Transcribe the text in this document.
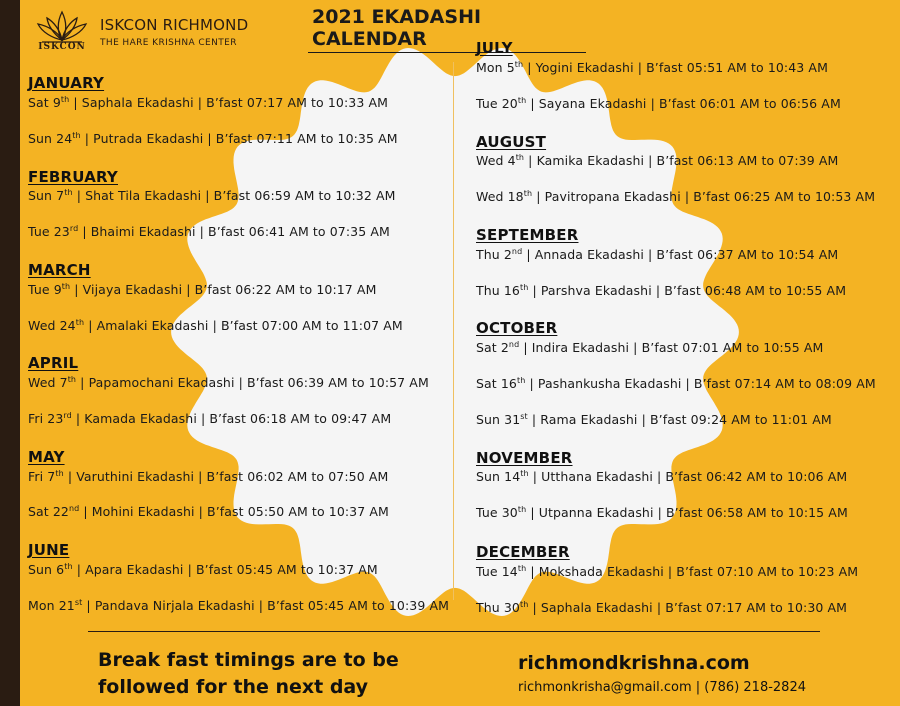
ISKCON
ISKCON RICHMOND
THE HARE KRISHNA CENTER
2021 EKADASHI CALENDAR
JANUARY
Sat 9th | Saphala Ekadashi | B’fast 07:17 AM to 10:33 AM
Sun 24th | Putrada Ekadashi | B’fast 07:11 AM to 10:35 AM
FEBRUARY
Sun 7th | Shat Tila Ekadashi | B’fast 06:59 AM to 10:32 AM
Tue 23rd | Bhaimi Ekadashi | B’fast 06:41 AM to 07:35 AM
MARCH
Tue 9th | Vijaya Ekadashi | B’fast 06:22 AM to 10:17 AM
Wed 24th | Amalaki Ekadashi | B’fast 07:00 AM to 11:07 AM
APRIL
Wed 7th | Papamochani Ekadashi | B’fast 06:39 AM to 10:57 AM
Fri 23rd | Kamada Ekadashi | B’fast 06:18 AM to 09:47 AM
MAY
Fri 7th | Varuthini Ekadashi | B’fast 06:02 AM to 07:50 AM
Sat 22nd | Mohini Ekadashi | B’fast 05:50 AM to 10:37 AM
JUNE
Sun 6th | Apara Ekadashi | B’fast 05:45 AM to 10:37 AM
Mon 21st | Pandava Nirjala Ekadashi | B’fast 05:45 AM to 10:39 AM
JULY
Mon 5th | Yogini Ekadashi | B’fast 05:51 AM to 10:43 AM
Tue 20th | Sayana Ekadashi | B’fast 06:01 AM to 06:56 AM
AUGUST
Wed 4th | Kamika Ekadashi | B’fast 06:13 AM to 07:39 AM
Wed 18th | Pavitropana Ekadashi | B’fast 06:25 AM to 10:53 AM
SEPTEMBER
Thu 2nd | Annada Ekadashi | B’fast 06:37 AM to 10:54 AM
Thu 16th | Parshva Ekadashi | B’fast 06:48 AM to 10:55 AM
OCTOBER
Sat 2nd | Indira Ekadashi | B’fast 07:01 AM to 10:55 AM
Sat 16th | Pashankusha Ekadashi | B’fast 07:14 AM to 08:09 AM
Sun 31st | Rama Ekadashi | B’fast 09:24 AM to 11:01 AM
NOVEMBER
Sun 14th | Utthana Ekadashi | B’fast 06:42 AM to 10:06 AM
Tue 30th | Utpanna Ekadashi | B’fast 06:58 AM to 10:15 AM
DECEMBER
Tue 14th | Mokshada Ekadashi | B’fast 07:10 AM to 10:23 AM
Thu 30th | Saphala Ekadashi | B’fast 07:17 AM to 10:30 AM
Break fast timings are to be
followed for the next day
richmondkrishna.com
richmonkrisha@gmail.com | (786) 218-2824
